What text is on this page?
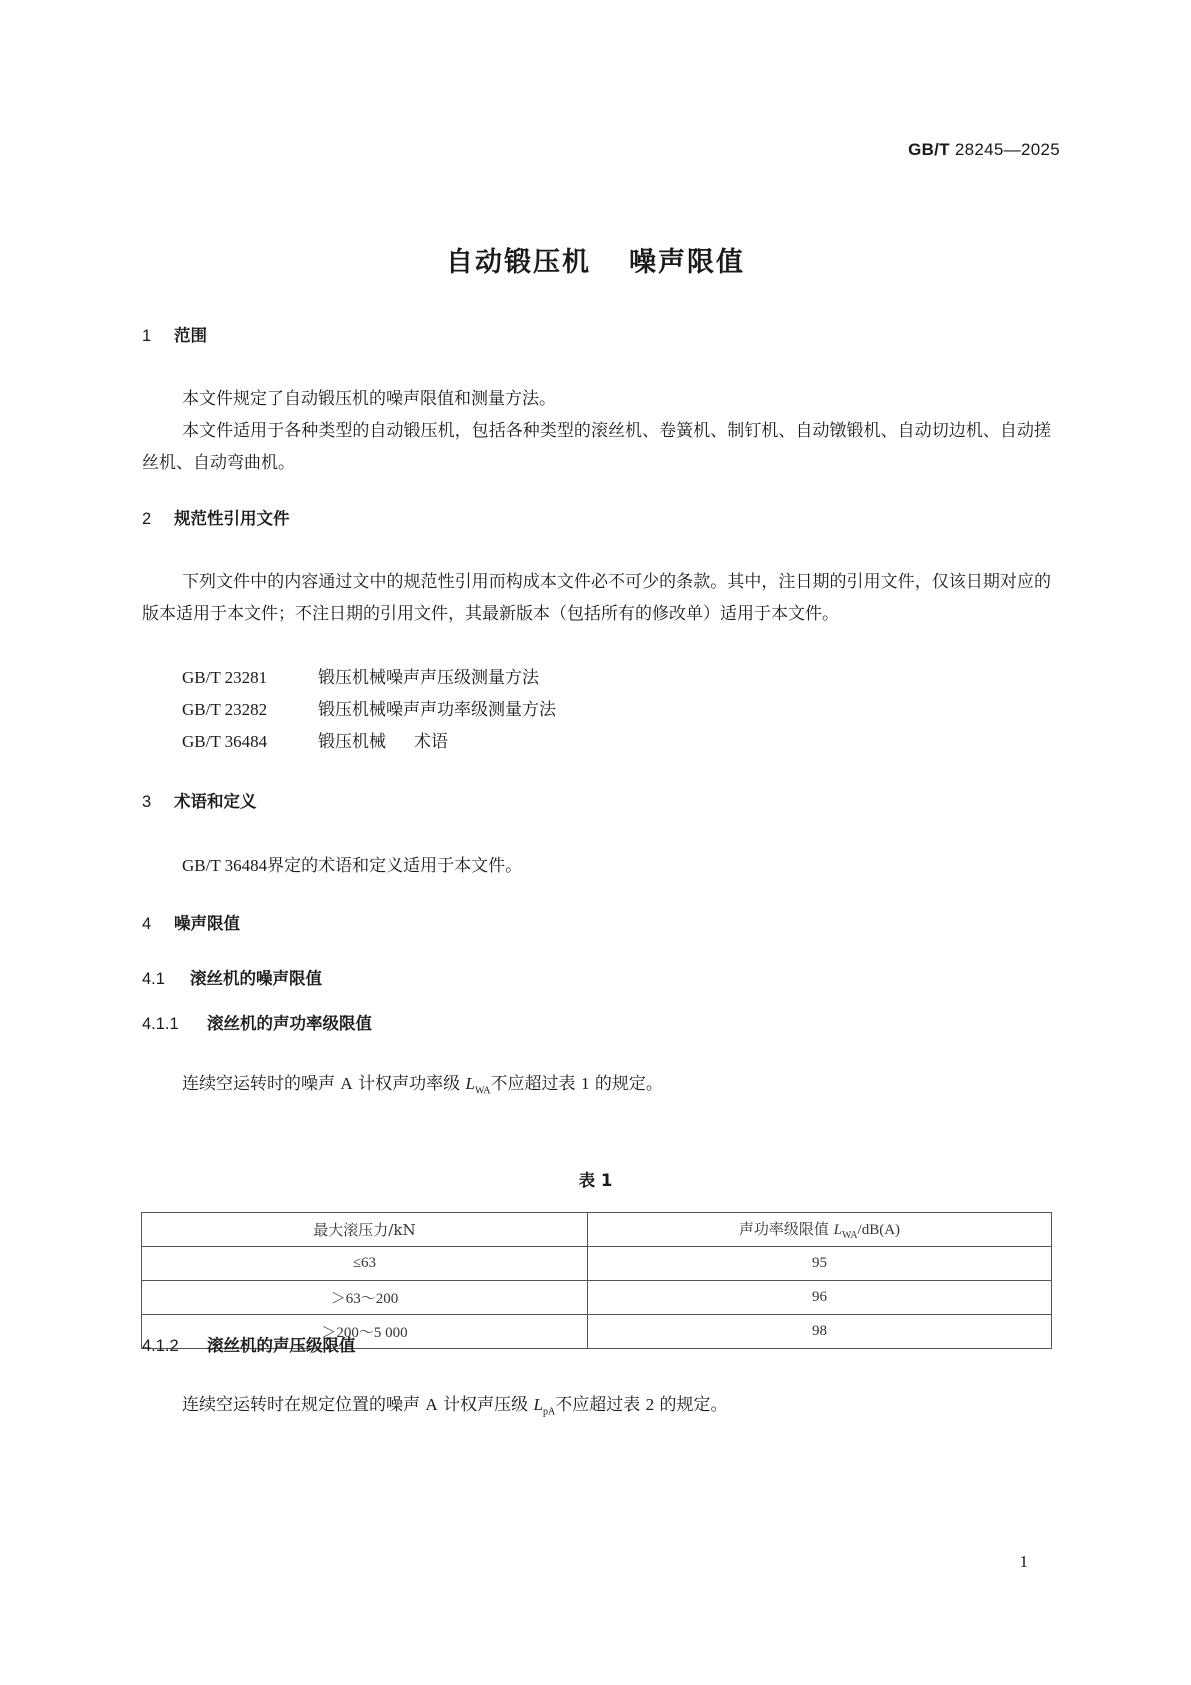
GB/T 28245—2025
自动锻压机 噪声限值
1 范围
本文件规定了自动锻压机的噪声限值和测量方法。
本文件适用于各种类型的自动锻压机，包括各种类型的滚丝机、卷簧机、制钉机、自动镦锻机、自动切边机、自动搓丝机、自动弯曲机。
2 规范性引用文件
下列文件中的内容通过文中的规范性引用而构成本文件必不可少的条款。其中，注日期的引用文件，仅该日期对应的版本适用于本文件；不注日期的引用文件，其最新版本（包括所有的修改单）适用于本文件。
GB/T 23281	锻压机械噪声声压级测量方法
GB/T 23282	锻压机械噪声声功率级测量方法
GB/T 36484	锻压机械 术语
3 术语和定义
GB/T 36484界定的术语和定义适用于本文件。
4 噪声限值
4.1 滚丝机的噪声限值
4.1.1 滚丝机的声功率级限值
连续空运转时的噪声 A 计权声功率级 $L_{WA}$不应超过表 1 的规定。
表 1
最大滚压力/kN	声功率级限值 $L_{WA}/dB(A)$
≤63	95
＞63～200	96
＞200～5 000	98
4.1.2 滚丝机的声压级限值
连续空运转时在规定位置的噪声 A 计权声压级 $L_{pA}$不应超过表 2 的规定。
1
